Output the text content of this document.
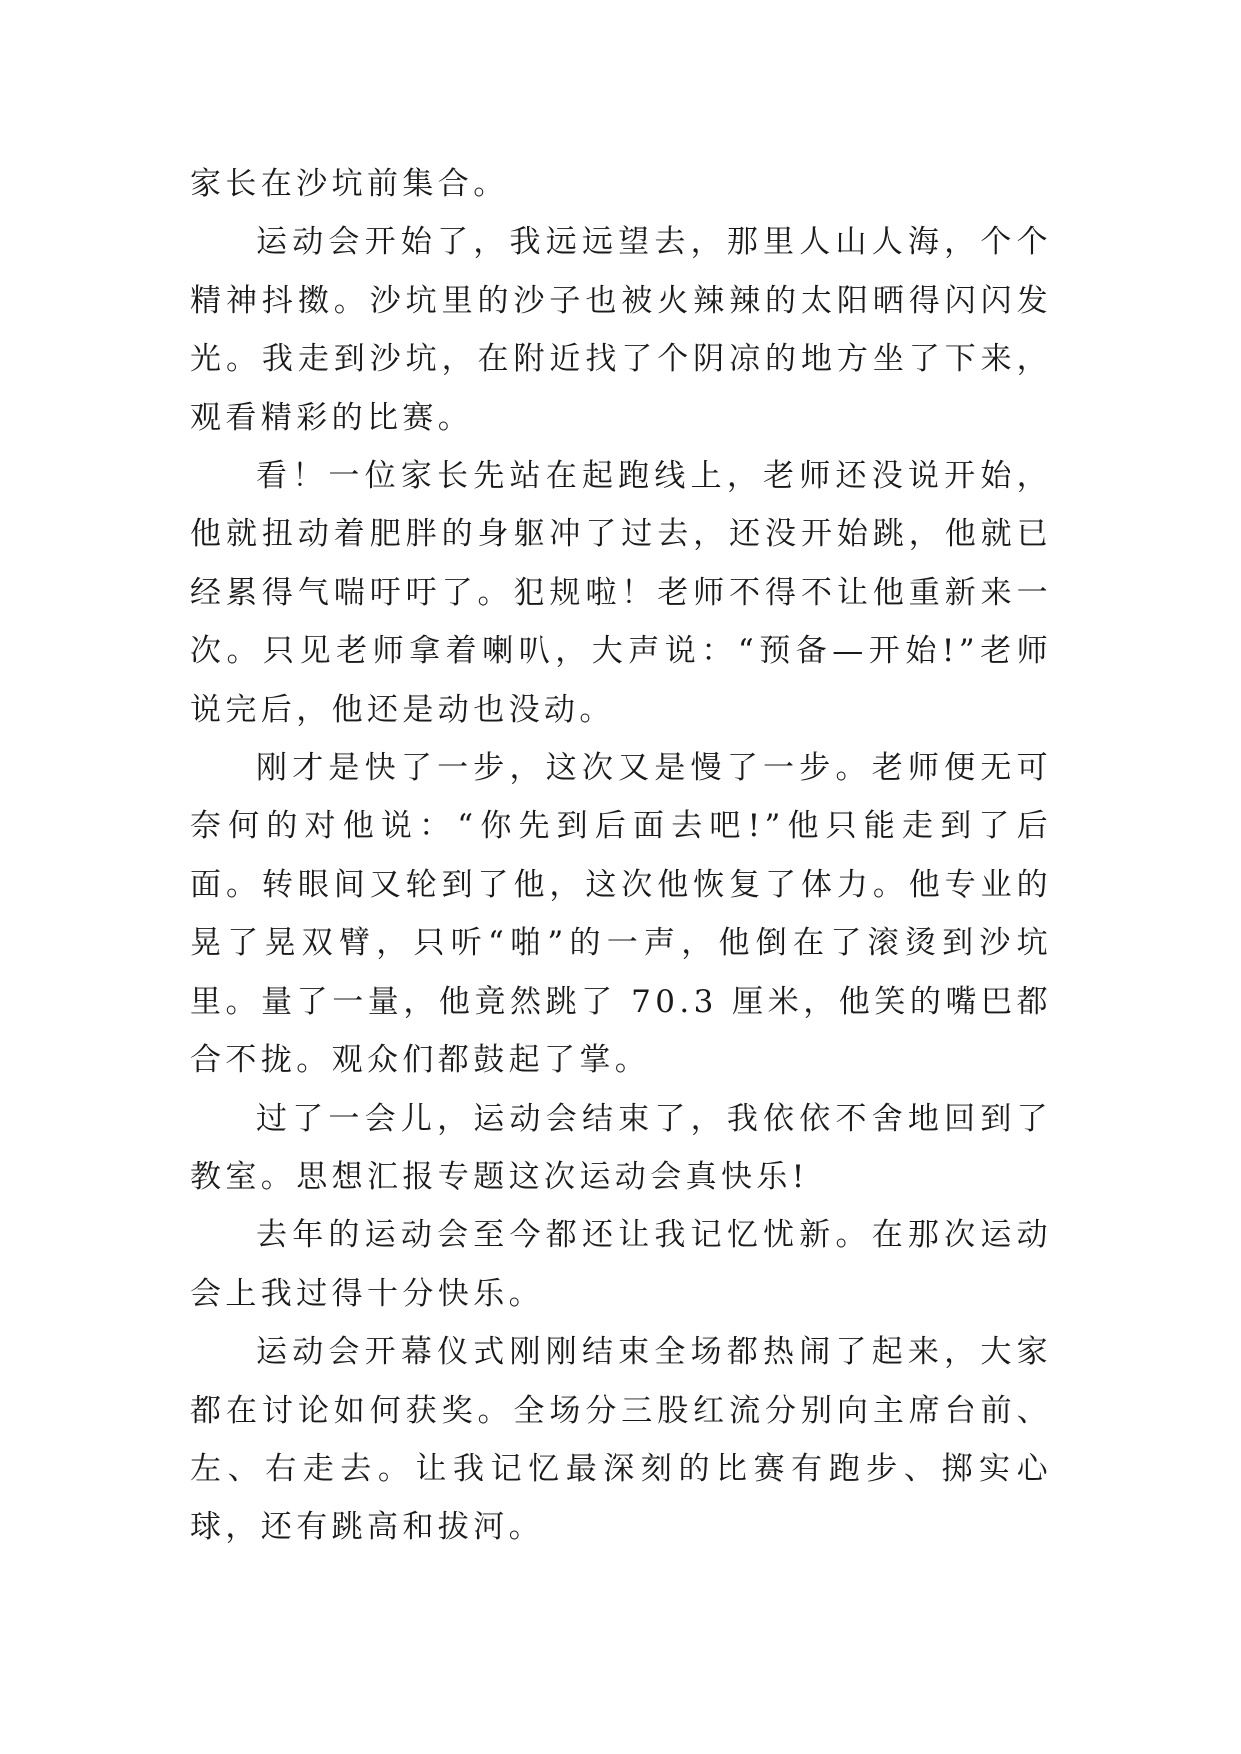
家长在沙坑前集合。

运动会开始了，我远远望去，那里人山人海，个个精神抖擞。沙坑里的沙子也被火辣辣的太阳晒得闪闪发光。我走到沙坑，在附近找了个阴凉的地方坐了下来，观看精彩的比赛。

看！一位家长先站在起跑线上，老师还没说开始，他就扭动着肥胖的身躯冲了过去，还没开始跳，他就已经累得气喘吁吁了。犯规啦！老师不得不让他重新来一次。只见老师拿着喇叭，大声说：“预备—开始!”老师说完后，他还是动也没动。

刚才是快了一步，这次又是慢了一步。老师便无可奈何的对他说：“你先到后面去吧!”他只能走到了后面。转眼间又轮到了他，这次他恢复了体力。他专业的晃了晃双臂，只听“啪”的一声，他倒在了滚烫到沙坑里。量了一量，他竟然跳了 70.3 厘米，他笑的嘴巴都合不拢。观众们都鼓起了掌。

过了一会儿，运动会结束了，我依依不舍地回到了教室。思想汇报专题这次运动会真快乐!

去年的运动会至今都还让我记忆忧新。在那次运动会上我过得十分快乐。

运动会开幕仪式刚刚结束全场都热闹了起来，大家都在讨论如何获奖。全场分三股红流分别向主席台前、左、右走去。让我记忆最深刻的比赛有跑步、掷实心球，还有跳高和拔河。
